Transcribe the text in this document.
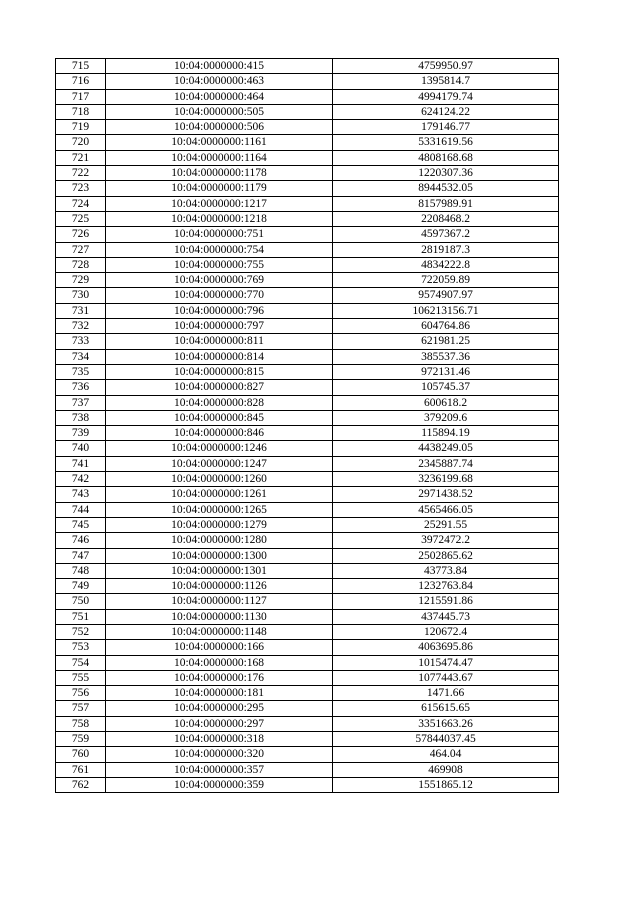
715	10:04:0000000:415	4759950.97
716	10:04:0000000:463	1395814.7
717	10:04:0000000:464	4994179.74
718	10:04:0000000:505	624124.22
719	10:04:0000000:506	179146.77
720	10:04:0000000:1161	5331619.56
721	10:04:0000000:1164	4808168.68
722	10:04:0000000:1178	1220307.36
723	10:04:0000000:1179	8944532.05
724	10:04:0000000:1217	8157989.91
725	10:04:0000000:1218	2208468.2
726	10:04:0000000:751	4597367.2
727	10:04:0000000:754	2819187.3
728	10:04:0000000:755	4834222.8
729	10:04:0000000:769	722059.89
730	10:04:0000000:770	9574907.97
731	10:04:0000000:796	106213156.71
732	10:04:0000000:797	604764.86
733	10:04:0000000:811	621981.25
734	10:04:0000000:814	385537.36
735	10:04:0000000:815	972131.46
736	10:04:0000000:827	105745.37
737	10:04:0000000:828	600618.2
738	10:04:0000000:845	379209.6
739	10:04:0000000:846	115894.19
740	10:04:0000000:1246	4438249.05
741	10:04:0000000:1247	2345887.74
742	10:04:0000000:1260	3236199.68
743	10:04:0000000:1261	2971438.52
744	10:04:0000000:1265	4565466.05
745	10:04:0000000:1279	25291.55
746	10:04:0000000:1280	3972472.2
747	10:04:0000000:1300	2502865.62
748	10:04:0000000:1301	43773.84
749	10:04:0000000:1126	1232763.84
750	10:04:0000000:1127	1215591.86
751	10:04:0000000:1130	437445.73
752	10:04:0000000:1148	120672.4
753	10:04:0000000:166	4063695.86
754	10:04:0000000:168	1015474.47
755	10:04:0000000:176	1077443.67
756	10:04:0000000:181	1471.66
757	10:04:0000000:295	615615.65
758	10:04:0000000:297	3351663.26
759	10:04:0000000:318	57844037.45
760	10:04:0000000:320	464.04
761	10:04:0000000:357	469908
762	10:04:0000000:359	1551865.12
